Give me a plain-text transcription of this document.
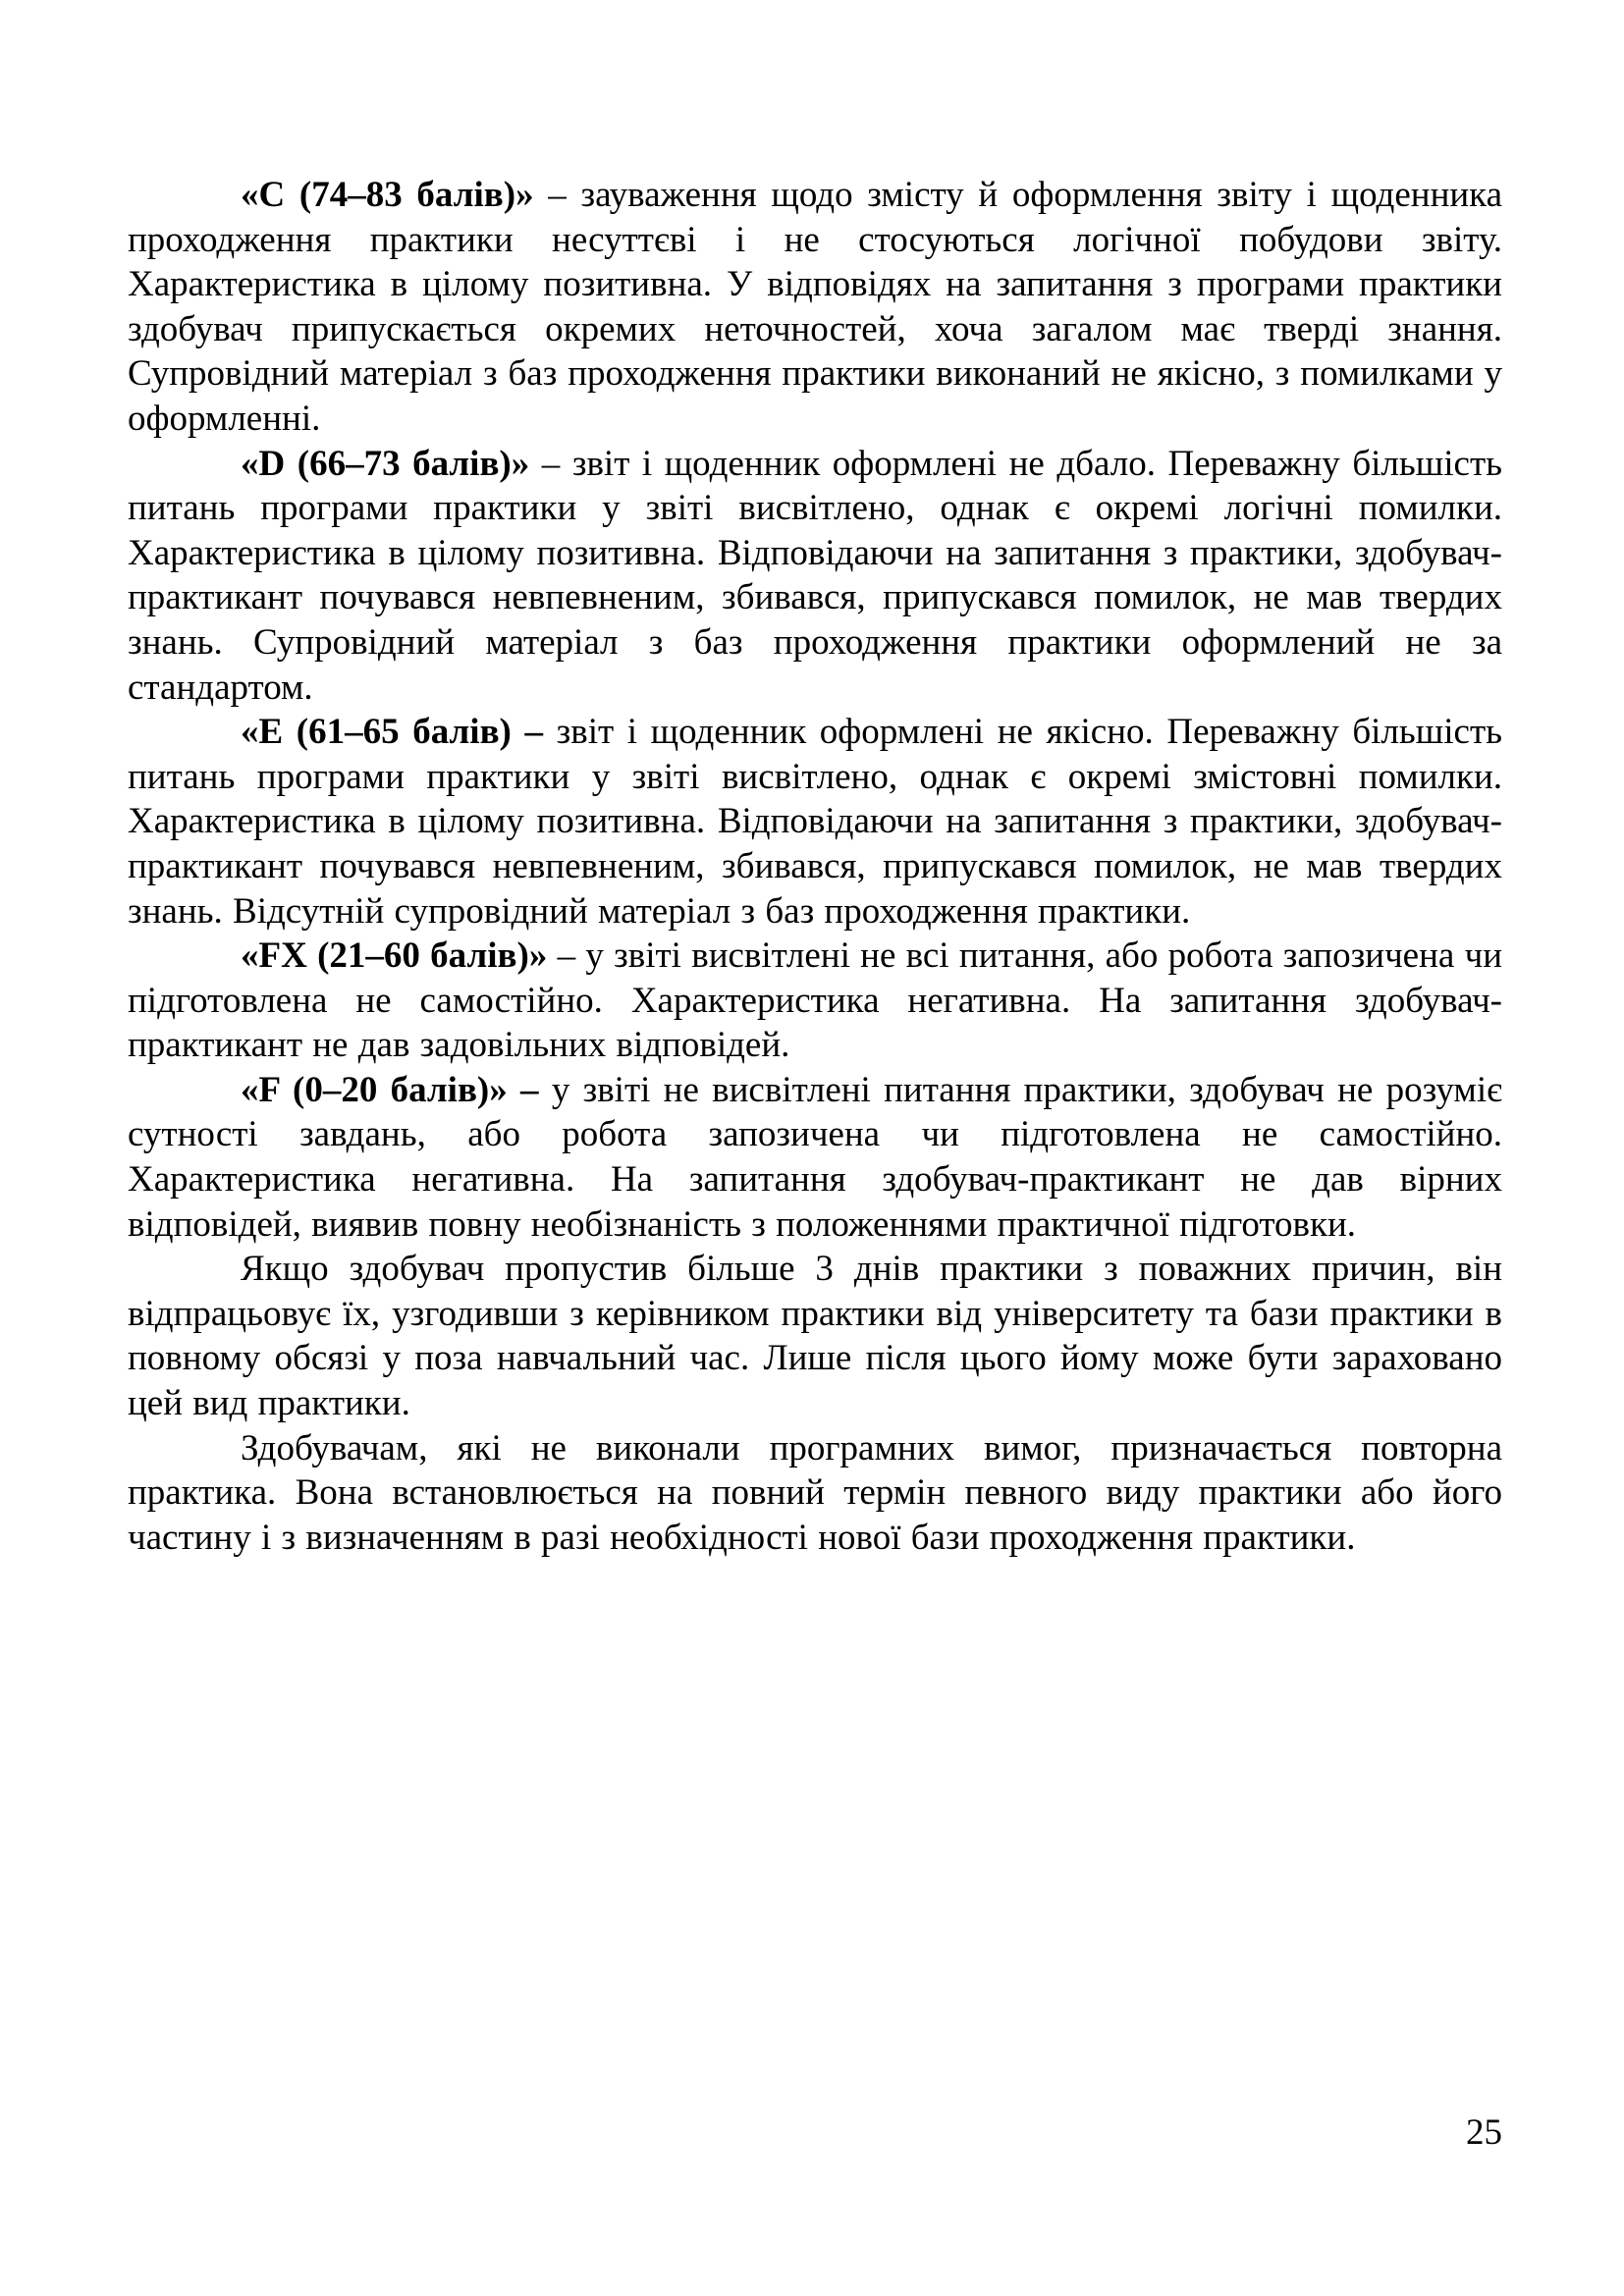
«C (74–83 балів)» – зауваження щодо змісту й оформлення звіту і щоденника проходження практики несуттєві і не стосуються логічної побудови звіту. Характеристика в цілому позитивна. У відповідях на запитання з програми практики здобувач припускається окремих неточностей, хоча загалом має тверді знання. Супровідний матеріал з баз проходження практики виконаний не якісно, з помилками у оформленні.

«D (66–73 балів)» – звіт і щоденник оформлені не дбало. Переважну більшість питань програми практики у звіті висвітлено, однак є окремі логічні помилки. Характеристика в цілому позитивна. Відповідаючи на запитання з практики, здобувач-практикант почувався невпевненим, збивався, припускався помилок, не мав твердих знань. Супровідний матеріал з баз проходження практики оформлений не за стандартом.

«E (61–65 балів) – звіт і щоденник оформлені не якісно. Переважну більшість питань програми практики у звіті висвітлено, однак є окремі змістовні помилки. Характеристика в цілому позитивна. Відповідаючи на запитання з практики, здобувач-практикант почувався невпевненим, збивався, припускався помилок, не мав твердих знань. Відсутній супровідний матеріал з баз проходження практики.

«FX (21–60 балів)» – у звіті висвітлені не всі питання, або робота запозичена чи підготовлена не самостійно. Характеристика негативна. На запитання здобувач-практикант не дав задовільних відповідей.

«F (0–20 балів)» – у звіті не висвітлені питання практики, здобувач не розуміє сутності завдань, або робота запозичена чи підготовлена не самостійно. Характеристика негативна. На запитання здобувач-практикант не дав вірних відповідей, виявив повну необізнаність з положеннями практичної підготовки.

Якщо здобувач пропустив більше 3 днів практики з поважних причин, він відпрацьовує їх, узгодивши з керівником практики від університету та бази практики в повному обсязі у поза навчальний час. Лише після цього йому може бути зараховано цей вид практики.

Здобувачам, які не виконали програмних вимог, призначається повторна практика. Вона встановлюється на повний термін певного виду практики або його частину і з визначенням в разі необхідності нової бази проходження практики.

25
